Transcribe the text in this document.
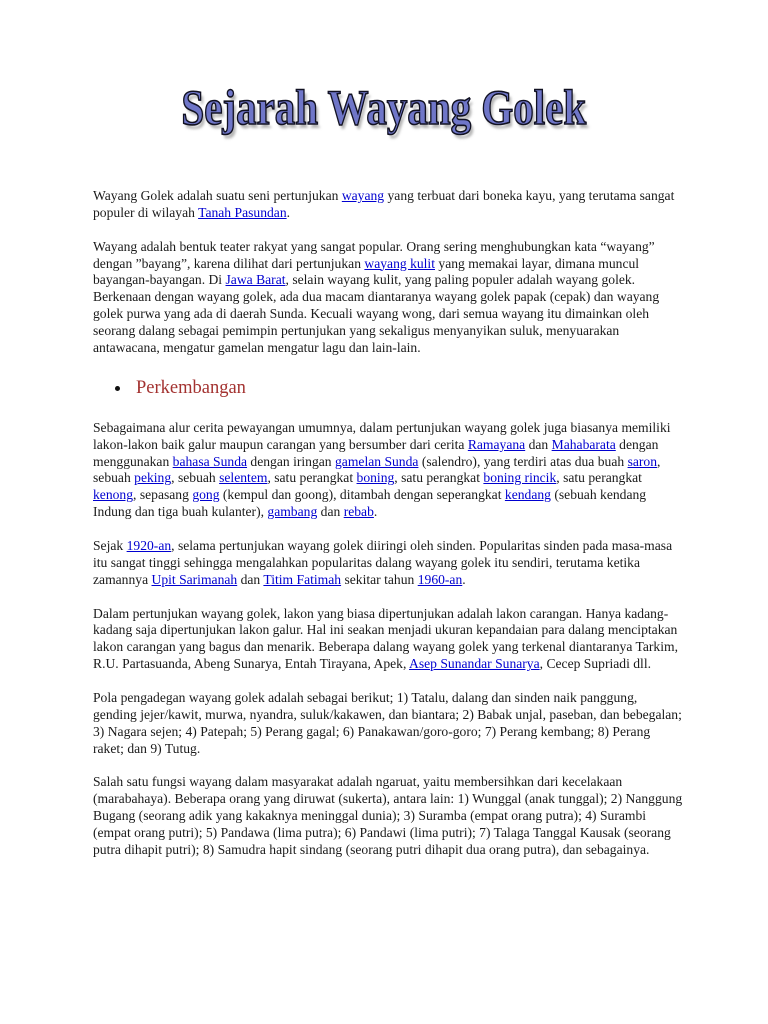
Sejarah Wayang Golek

Wayang Golek adalah suatu seni pertunjukan wayang yang terbuat dari boneka kayu, yang terutama sangat populer di wilayah Tanah Pasundan.

Wayang adalah bentuk teater rakyat yang sangat popular. Orang sering menghubungkan kata “wayang” dengan ”bayang”, karena dilihat dari pertunjukan wayang kulit yang memakai layar, dimana muncul bayangan-bayangan. Di Jawa Barat, selain wayang kulit, yang paling populer adalah wayang golek. Berkenaan dengan wayang golek, ada dua macam diantaranya wayang golek papak (cepak) dan wayang golek purwa yang ada di daerah Sunda. Kecuali wayang wong, dari semua wayang itu dimainkan oleh seorang dalang sebagai pemimpin pertunjukan yang sekaligus menyanyikan suluk, menyuarakan antawacana, mengatur gamelan mengatur lagu dan lain-lain.

Perkembangan

Sebagaimana alur cerita pewayangan umumnya, dalam pertunjukan wayang golek juga biasanya memiliki lakon-lakon baik galur maupun carangan yang bersumber dari cerita Ramayana dan Mahabarata dengan menggunakan bahasa Sunda dengan iringan gamelan Sunda (salendro), yang terdiri atas dua buah saron, sebuah peking, sebuah selentem, satu perangkat boning, satu perangkat boning rincik, satu perangkat kenong, sepasang gong (kempul dan goong), ditambah dengan seperangkat kendang (sebuah kendang Indung dan tiga buah kulanter), gambang dan rebab.

Sejak 1920-an, selama pertunjukan wayang golek diiringi oleh sinden. Popularitas sinden pada masa-masa itu sangat tinggi sehingga mengalahkan popularitas dalang wayang golek itu sendiri, terutama ketika zamannya Upit Sarimanah dan Titim Fatimah sekitar tahun 1960-an.

Dalam pertunjukan wayang golek, lakon yang biasa dipertunjukan adalah lakon carangan. Hanya kadang-kadang saja dipertunjukan lakon galur. Hal ini seakan menjadi ukuran kepandaian para dalang menciptakan lakon carangan yang bagus dan menarik. Beberapa dalang wayang golek yang terkenal diantaranya Tarkim, R.U. Partasuanda, Abeng Sunarya, Entah Tirayana, Apek, Asep Sunandar Sunarya, Cecep Supriadi dll.

Pola pengadegan wayang golek adalah sebagai berikut; 1) Tatalu, dalang dan sinden naik panggung, gending jejer/kawit, murwa, nyandra, suluk/kakawen, dan biantara; 2) Babak unjal, paseban, dan bebegalan; 3) Nagara sejen; 4) Patepah; 5) Perang gagal; 6) Panakawan/goro-goro; 7) Perang kembang; 8) Perang raket; dan 9) Tutug.

Salah satu fungsi wayang dalam masyarakat adalah ngaruat, yaitu membersihkan dari kecelakaan (marabahaya). Beberapa orang yang diruwat (sukerta), antara lain: 1) Wunggal (anak tunggal); 2) Nanggung Bugang (seorang adik yang kakaknya meninggal dunia); 3) Suramba (empat orang putra); 4) Surambi (empat orang putri); 5) Pandawa (lima putra); 6) Pandawi (lima putri); 7) Talaga Tanggal Kausak (seorang putra dihapit putri); 8) Samudra hapit sindang (seorang putri dihapit dua orang putra), dan sebagainya.
